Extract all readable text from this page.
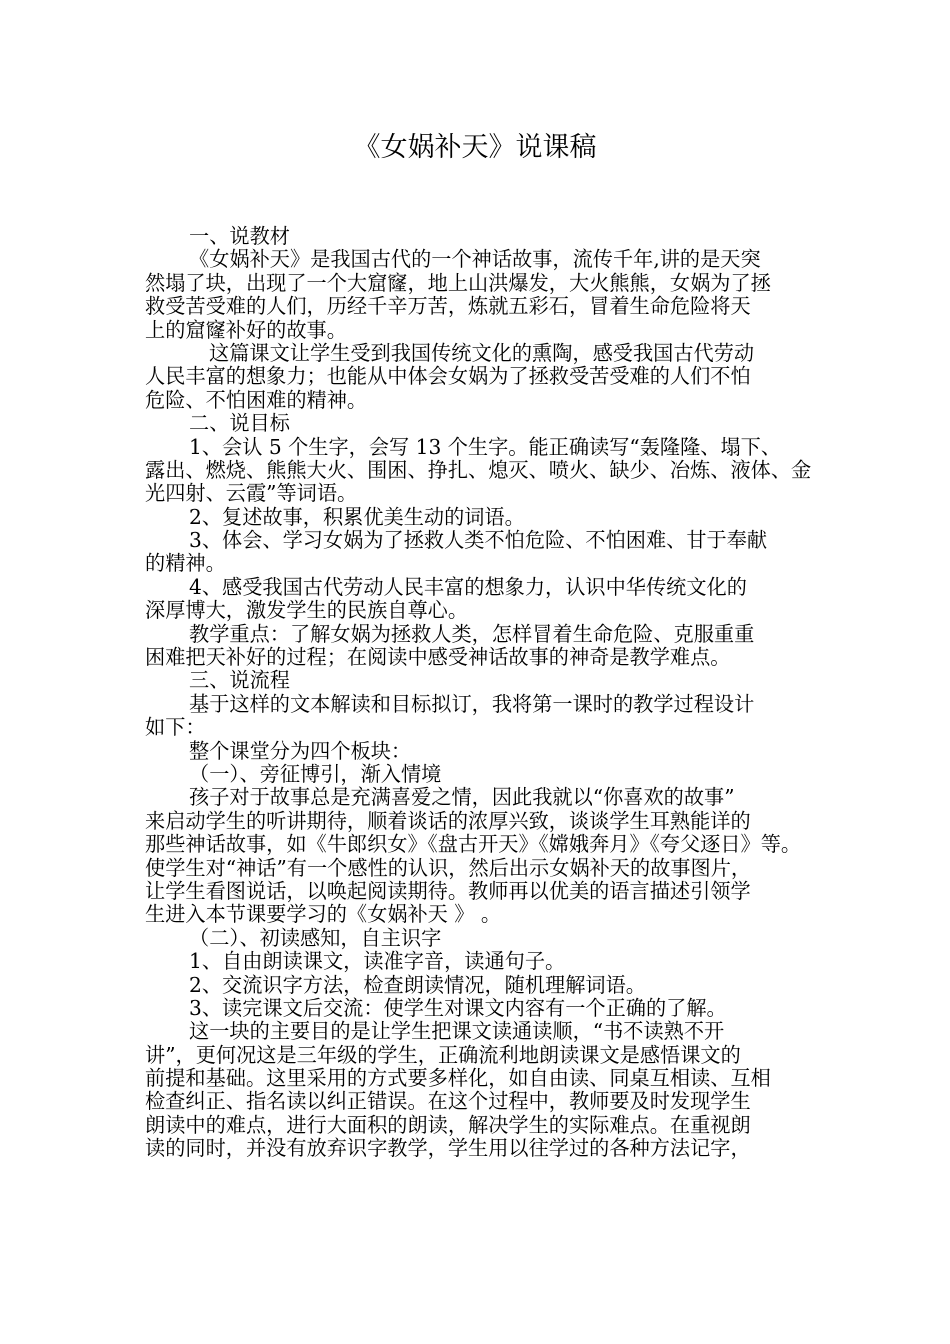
《女娲补天》说课稿
一、说教材
《女娲补天》是我国古代的一个神话故事，流传千年,讲的是天突
然塌了块，出现了一个大窟窿，地上山洪爆发，大火熊熊，女娲为了拯
救受苦受难的人们，历经千辛万苦，炼就五彩石，冒着生命危险将天
上的窟窿补好的故事。
这篇课文让学生受到我国传统文化的熏陶，感受我国古代劳动
人民丰富的想象力；也能从中体会女娲为了拯救受苦受难的人们不怕
危险、不怕困难的精神。
二、说目标
1、会认 5 个生字，会写 13 个生字。能正确读写“轰隆隆、塌下、
露出、燃烧、熊熊大火、围困、挣扎、熄灭、喷火、缺少、冶炼、液体、金
光四射、云霞”等词语。
2、复述故事，积累优美生动的词语。
3、体会、学习女娲为了拯救人类不怕危险、不怕困难、甘于奉献
的精神。
4、感受我国古代劳动人民丰富的想象力，认识中华传统文化的
深厚博大，激发学生的民族自尊心。
教学重点：了解女娲为拯救人类，怎样冒着生命危险、克服重重
困难把天补好的过程；在阅读中感受神话故事的神奇是教学难点。
三、说流程
基于这样的文本解读和目标拟订，我将第一课时的教学过程设计
如下：
整个课堂分为四个板块：
（一）、旁征博引，渐入情境
孩子对于故事总是充满喜爱之情，因此我就以“你喜欢的故事”
来启动学生的听讲期待，顺着谈话的浓厚兴致，谈谈学生耳熟能详的
那些神话故事，如《牛郎织女》《盘古开天》《嫦娥奔月》《夸父逐日》等。
使学生对“神话”有一个感性的认识，然后出示女娲补天的故事图片，
让学生看图说话，以唤起阅读期待。教师再以优美的语言描述引领学
生进入本节课要学习的《女娲补天 》 。
（二）、初读感知，自主识字
1、自由朗读课文，读准字音，读通句子。
2、交流识字方法，检查朗读情况，随机理解词语。
3、读完课文后交流：使学生对课文内容有一个正确的了解。
这一块的主要目的是让学生把课文读通读顺，“书不读熟不开
讲”，更何况这是三年级的学生，正确流利地朗读课文是感悟课文的
前提和基础。这里采用的方式要多样化，如自由读、同桌互相读、互相
检查纠正、指名读以纠正错误。在这个过程中，教师要及时发现学生
朗读中的难点，进行大面积的朗读，解决学生的实际难点。在重视朗
读的同时，并没有放弃识字教学，学生用以往学过的各种方法记字，
